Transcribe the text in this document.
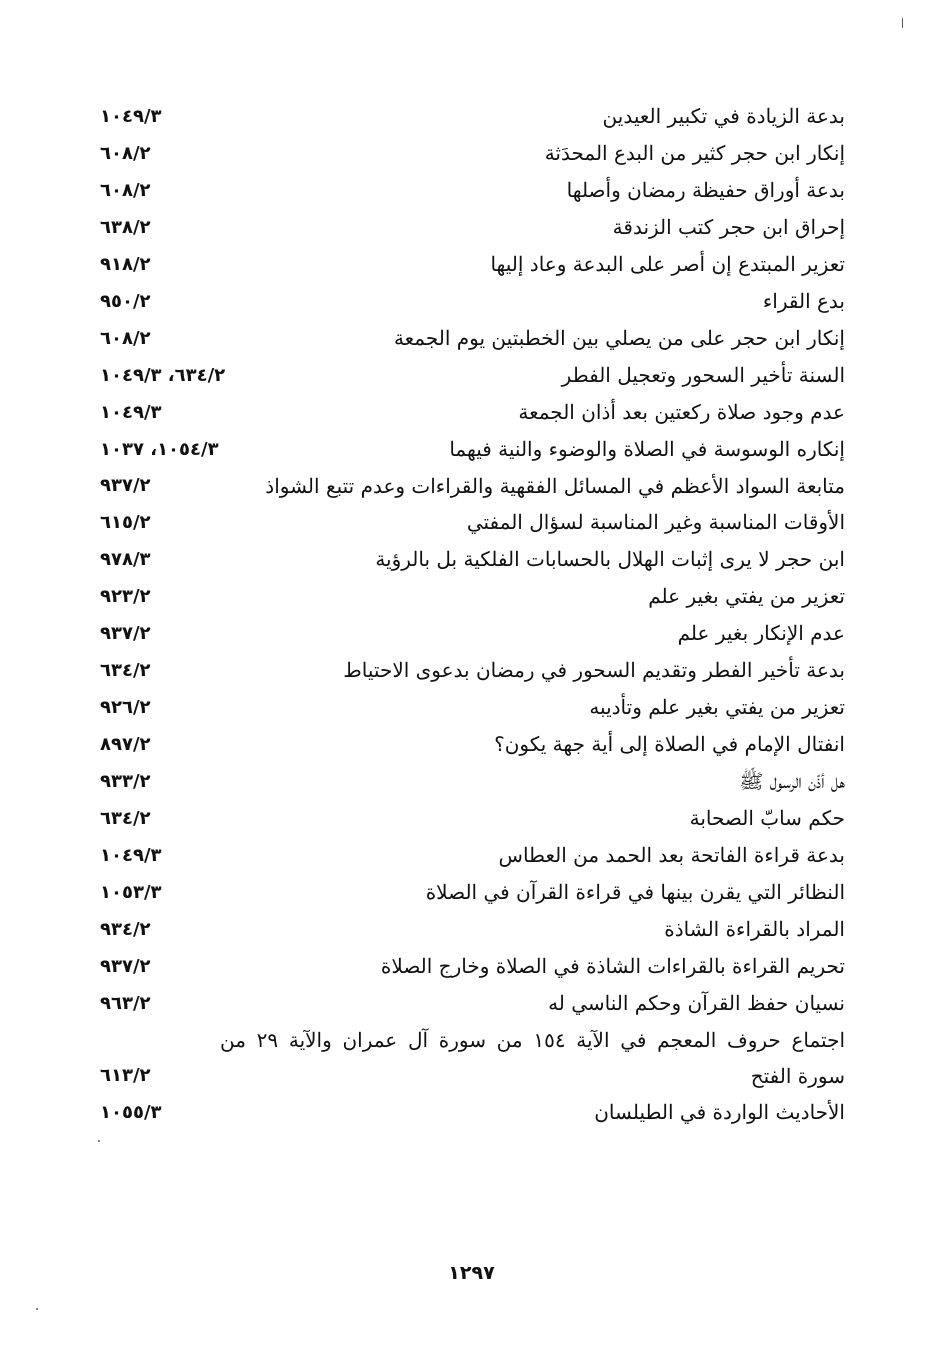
بدعة الزيادة في تكبير العيدين
١٠٤٩/٣
إنكار ابن حجر كثير من البدع المحدَثة
٦٠٨/٢
بدعة أوراق حفيظة رمضان وأصلها
٦٠٨/٢
إحراق ابن حجر كتب الزندقة
٦٣٨/٢
تعزير المبتدع إن أصر على البدعة وعاد إليها
٩١٨/٢
بدع القراء
٩٥٠/٢
إنكار ابن حجر على من يصلي بين الخطبتين يوم الجمعة
٦٠٨/٢
السنة تأخير السحور وتعجيل الفطر
٦٣٤/٢، ١٠٤٩/٣
عدم وجود صلاة ركعتين بعد أذان الجمعة
١٠٤٩/٣
إنكاره الوسوسة في الصلاة والوضوء والنية فيهما
١٠٥٤/٣، ١٠٣٧
متابعة السواد الأعظم في المسائل الفقهية والقراءات وعدم تتبع الشواذ
٩٣٧/٢
الأوقات المناسبة وغير المناسبة لسؤال المفتي
٦١٥/٢
ابن حجر لا يرى إثبات الهلال بالحسابات الفلكية بل بالرؤية
٩٧٨/٣
تعزير من يفتي بغير علم
٩٢٣/٢
عدم الإنكار بغير علم
٩٣٧/٢
بدعة تأخير الفطر وتقديم السحور في رمضان بدعوى الاحتياط
٦٣٤/٢
تعزير من يفتي بغير علم وتأديبه
٩٢٦/٢
انفتال الإمام في الصلاة إلى أية جهة يكون؟
٨٩٧/٢
هل أذّن الرسول ﷺ
٩٣٣/٢
حكم سابّ الصحابة
٦٣٤/٢
بدعة قراءة الفاتحة بعد الحمد من العطاس
١٠٤٩/٣
النظائر التي يقرن بينها في قراءة القرآن في الصلاة
١٠٥٣/٣
المراد بالقراءة الشاذة
٩٣٤/٢
تحريم القراءة بالقراءات الشاذة في الصلاة وخارج الصلاة
٩٣٧/٢
نسيان حفظ القرآن وحكم الناسي له
٩٦٣/٢
اجتماع حروف المعجم في الآية ١٥٤ من سورة آل عمران والآية ٢٩ من سورة الفتح
٦١٣/٢
الأحاديث الواردة في الطيلسان
١٠٥٥/٣
١٢٩٧
